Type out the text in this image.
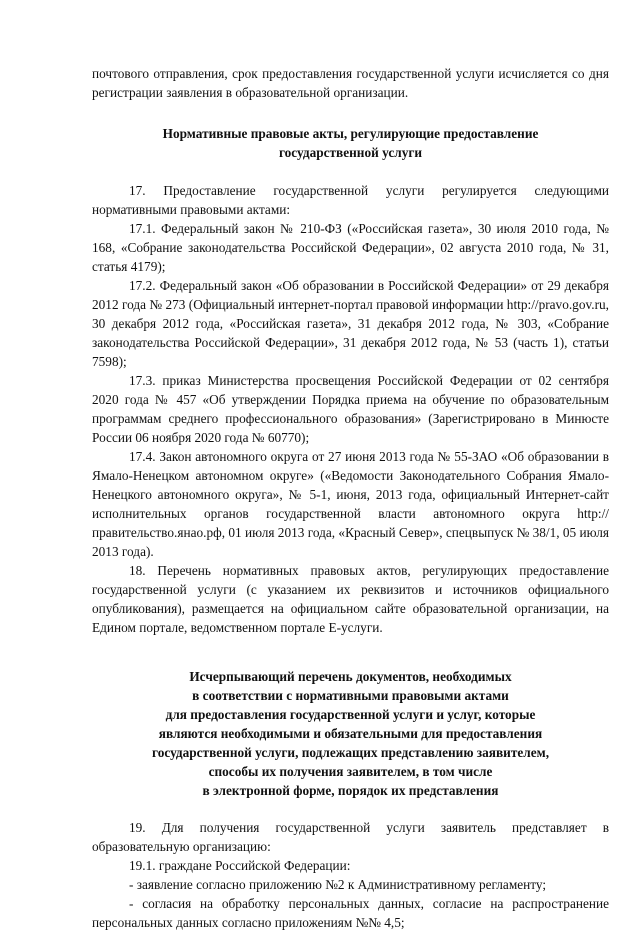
почтового отправления, срок предоставления государственной услуги исчисляется со дня регистрации заявления в образовательной организации.

Нормативные правовые акты, регулирующие предоставление
государственной услуги

17. Предоставление государственной услуги регулируется следующими нормативными правовыми актами:

17.1. Федеральный закон № 210-ФЗ («Российская газета», 30 июля 2010 года, № 168, «Собрание законодательства Российской Федерации», 02 августа 2010 года, № 31, статья 4179);

17.2. Федеральный закон «Об образовании в Российской Федерации» от 29 декабря 2012 года № 273 (Официальный интернет-портал правовой информации http://pravo.gov.ru, 30 декабря 2012 года, «Российская газета», 31 декабря 2012 года, № 303, «Собрание законодательства Российской Федерации», 31 декабря 2012 года, № 53 (часть 1), статьи 7598);

17.3. приказ Министерства просвещения Российской Федерации от 02 сентября 2020 года № 457 «Об утверждении Порядка приема на обучение по образовательным программам среднего профессионального образования» (Зарегистрировано в Минюсте России 06 ноября 2020 года № 60770);

17.4. Закон автономного округа от 27 июня 2013 года № 55-ЗАО «Об образовании в Ямало-Ненецком автономном округе» («Ведомости Законодательного Собрания Ямало-Ненецкого автономного округа», № 5-1, июня, 2013 года, официальный Интернет-сайт исполнительных органов государственной власти автономного округа http://правительство.янао.рф, 01 июля 2013 года, «Красный Север», спецвыпуск № 38/1, 05 июля 2013 года).

18. Перечень нормативных правовых актов, регулирующих предоставление государственной услуги (с указанием их реквизитов и источников официального опубликования), размещается на официальном сайте образовательной организации, на Едином портале, ведомственном портале Е-услуги.

Исчерпывающий перечень документов, необходимых
в соответствии с нормативными правовыми актами
для предоставления государственной услуги и услуг, которые
являются необходимыми и обязательными для предоставления
государственной услуги, подлежащих представлению заявителем,
способы их получения заявителем, в том числе
в электронной форме, порядок их представления

19. Для получения государственной услуги заявитель представляет в образовательную организацию:

19.1. граждане Российской Федерации:

- заявление согласно приложению №2 к Административному регламенту;

- согласия на обработку персональных данных, согласие на распространение персональных данных согласно приложениям №№ 4,5;
